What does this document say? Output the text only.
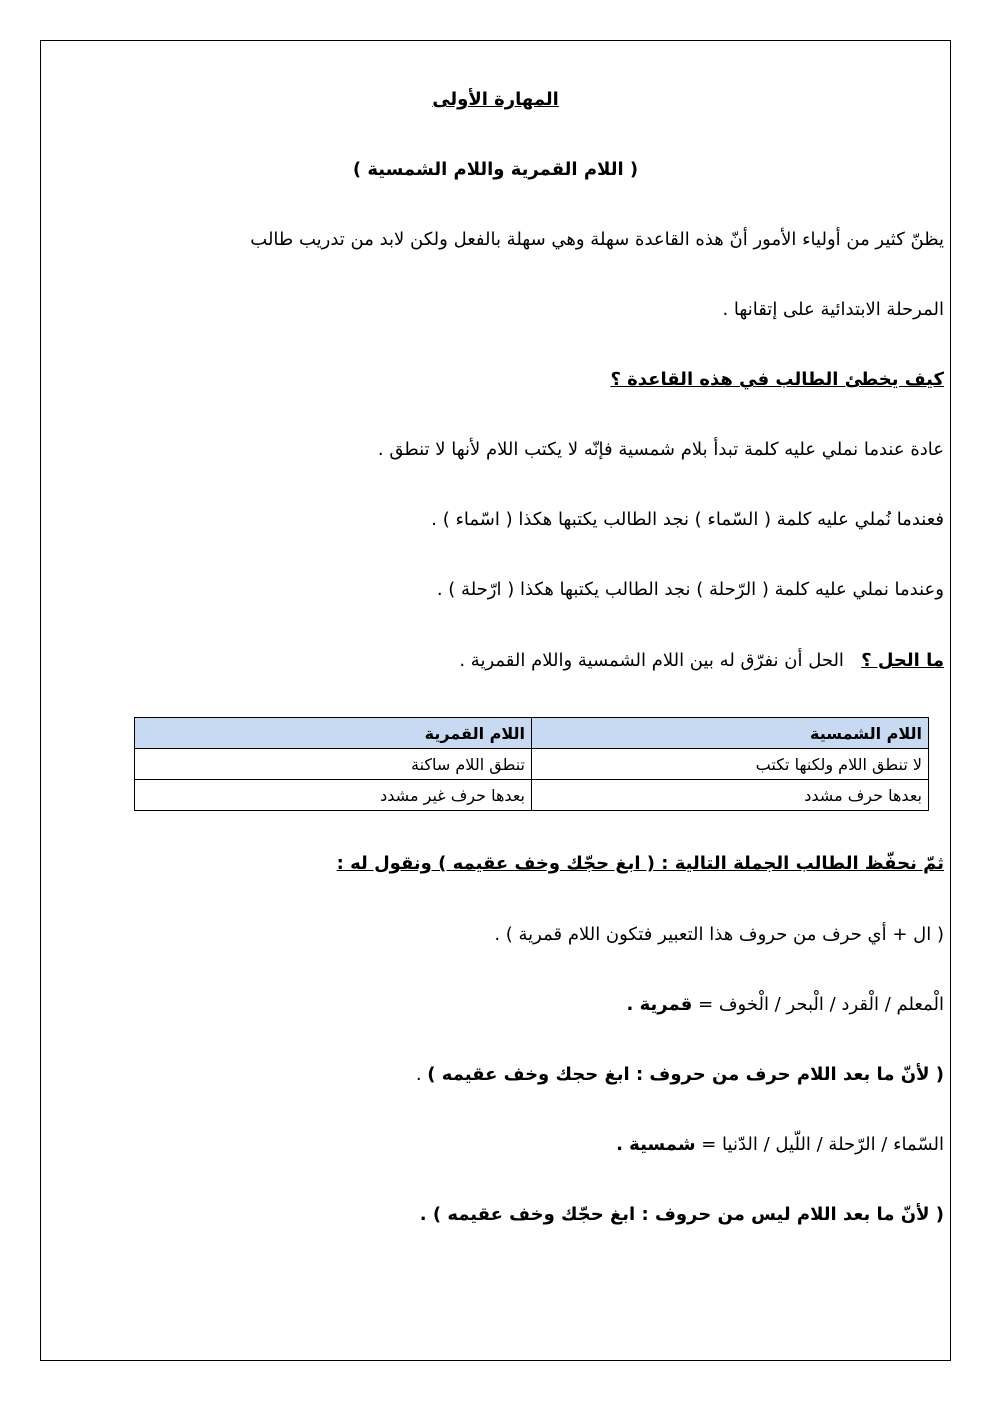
المهارة الأولى
( اللام القمرية واللام الشمسية )
يظنّ كثير من أولياء الأمور أنّ هذه القاعدة سهلة وهي سهلة بالفعل ولكن لابد من تدريب طالب
المرحلة الابتدائية على إتقانها .
كيف يخطئ الطالب في هذه القاعدة ؟
عادة عندما نملي عليه كلمة تبدأ بلام شمسية فإنّه لا يكتب اللام لأنها لا تنطق .
فعندما نُملي عليه كلمة ( السّماء ) نجد الطالب يكتبها هكذا ( اسّماء ) .
وعندما نملي عليه كلمة ( الرّحلة ) نجد الطالب يكتبها هكذا ( ارّحلة ) .
ما الحل ؟   الحل أن نفرّق له بين اللام الشمسية واللام القمرية .
اللام الشمسية	اللام القمرية
لا تنطق اللام ولكنها تكتب	تنطق اللام ساكنة
بعدها حرف مشدد	بعدها حرف غير مشدد
ثمّ نحفّظ الطالب الجملة التالية : ( ابغ حجّك وخف عقيمه ) ونقول له :
( ال + أي حرف من حروف هذا التعبير فتكون اللام قمرية ) .
الْمعلم / الْقرد / الْبحر / الْخوف = قمرية .
( لأنّ ما بعد اللام حرف من حروف : ابغ حجك وخف عقيمه ) .
السّماء / الرّحلة / اللّيل / الدّنيا = شمسية .
( لأنّ ما بعد اللام ليس من حروف : ابغ حجّك وخف عقيمه ) .
